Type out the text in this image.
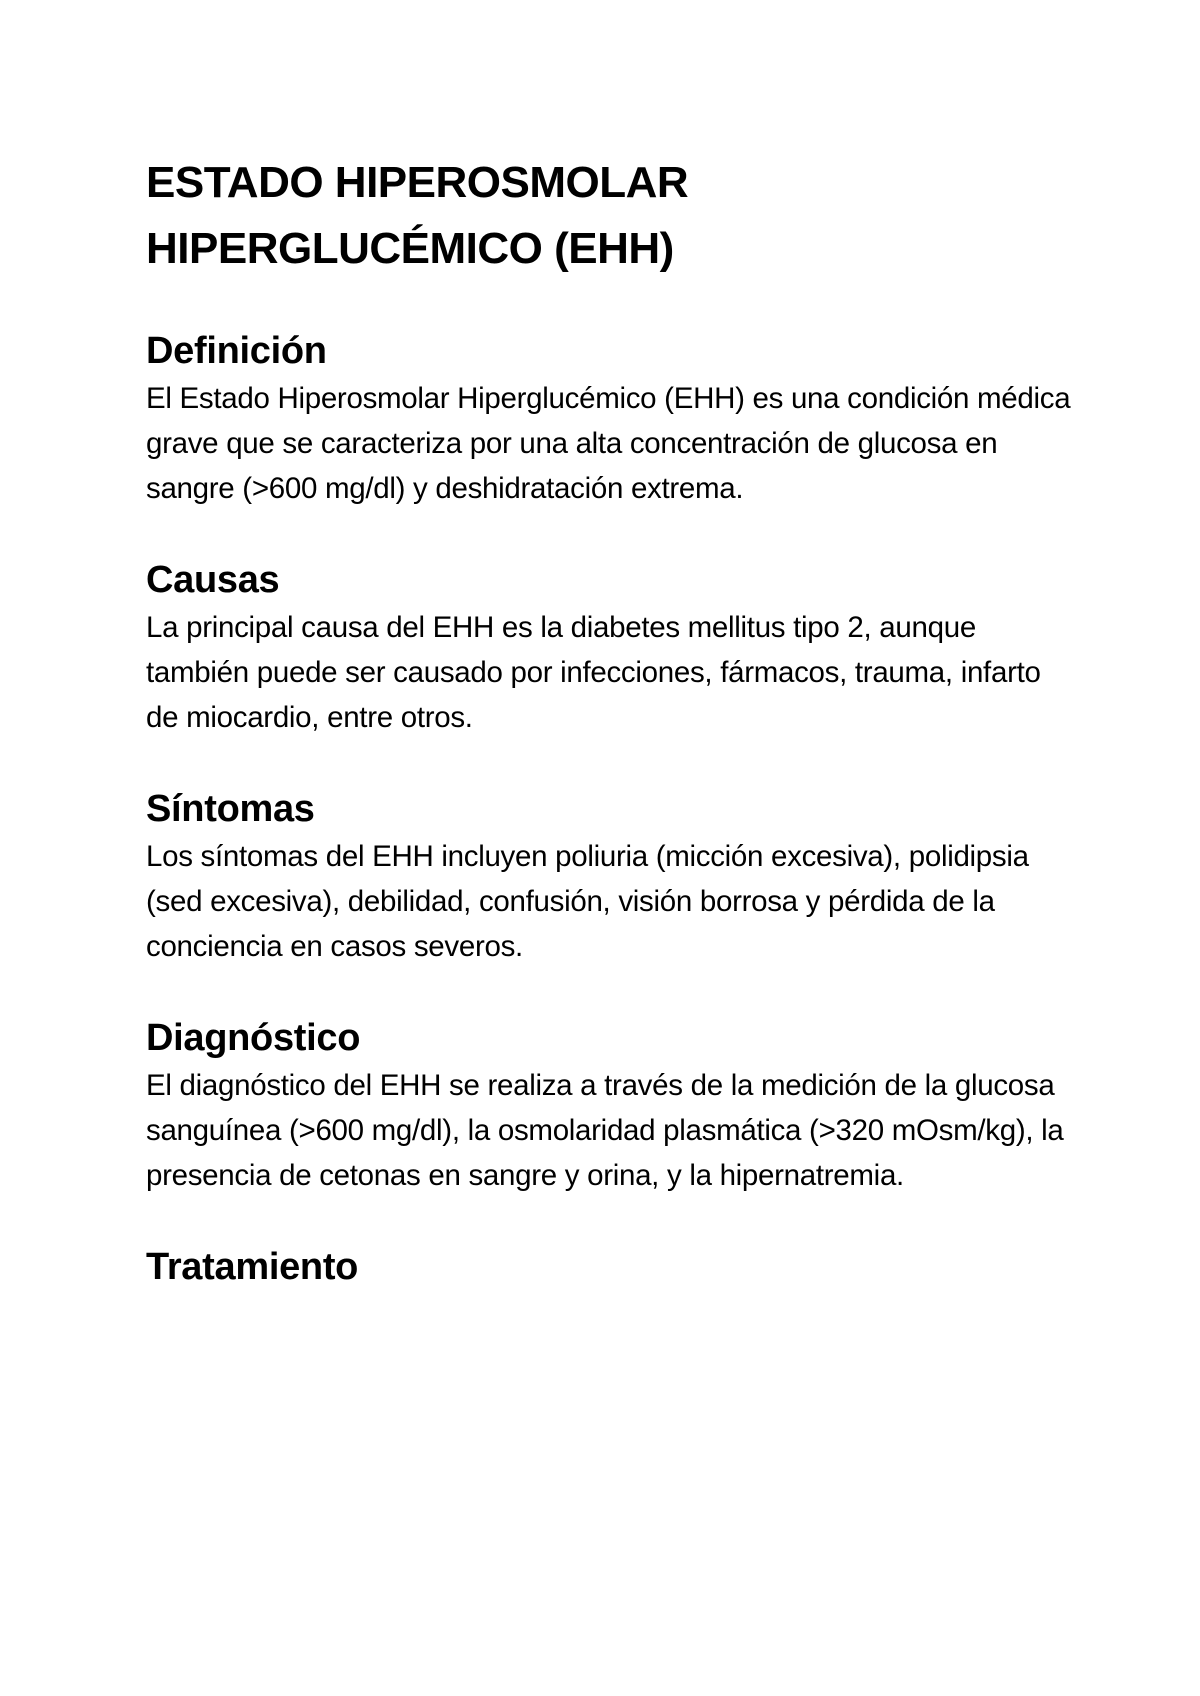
ESTADO HIPEROSMOLAR
HIPERGLUCÉMICO (EHH)
Definición

El Estado Hiperosmolar Hiperglucémico (EHH) es una condición médica grave que se caracteriza por una alta concentración de glucosa en sangre (>600 mg/dl) y deshidratación extrema.

Causas

La principal causa del EHH es la diabetes mellitus tipo 2, aunque también puede ser causado por infecciones, fármacos, trauma, infarto de miocardio, entre otros.

Síntomas

Los síntomas del EHH incluyen poliuria (micción excesiva), polidipsia (sed excesiva), debilidad, confusión, visión borrosa y pérdida de la conciencia en casos severos.

Diagnóstico

El diagnóstico del EHH se realiza a través de la medición de la glucosa sanguínea (>600 mg/dl), la osmolaridad plasmática (>320 mOsm/kg), la presencia de cetonas en sangre y orina, y la hipernatremia.

Tratamiento
